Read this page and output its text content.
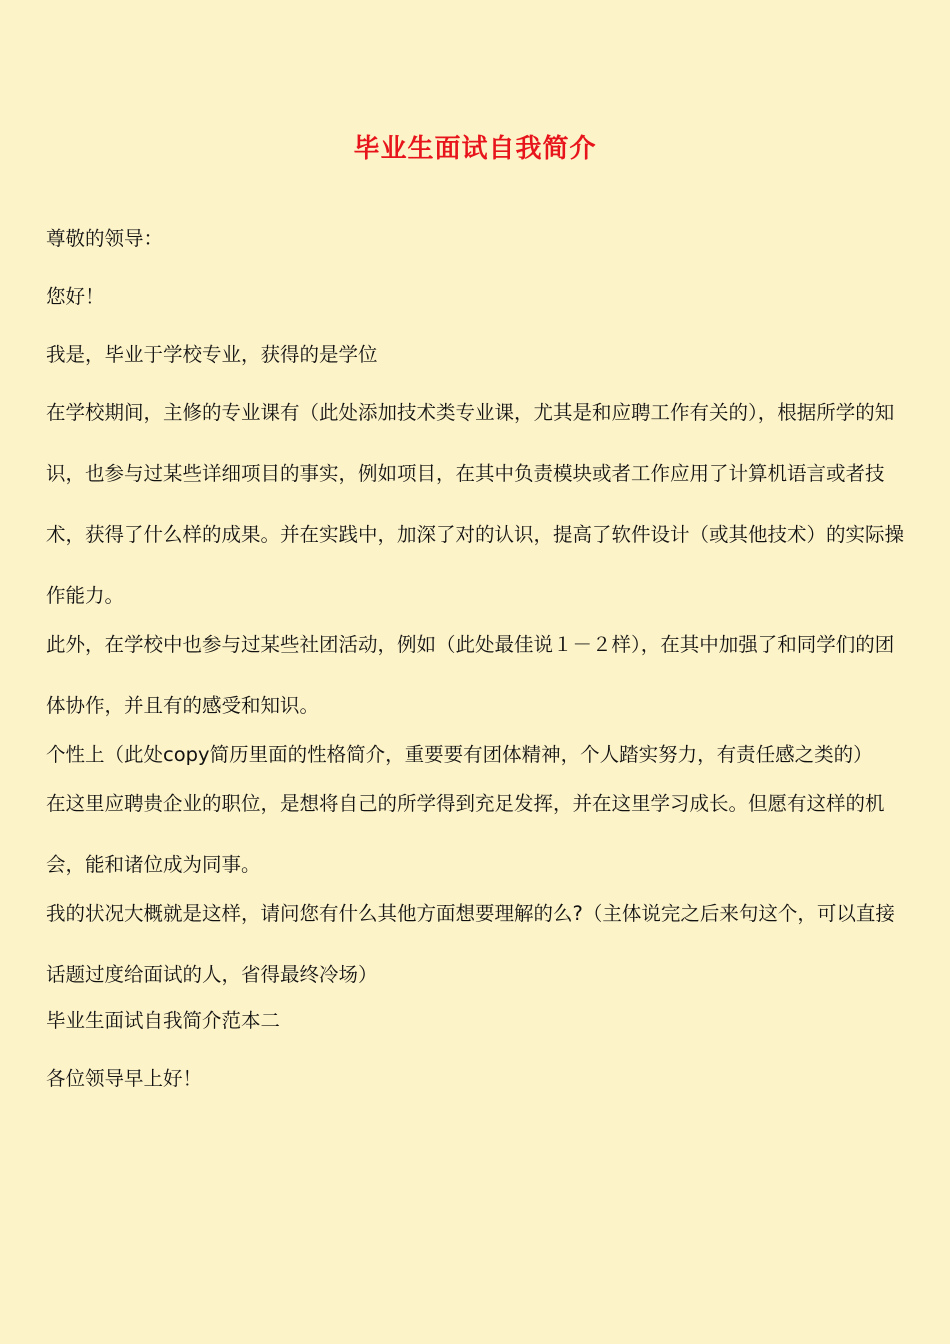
毕业生面试自我简介

尊敬的领导：

您好！

我是，毕业于学校专业，获得的是学位

在学校期间，主修的专业课有（此处添加技术类专业课，尤其是和应聘工作有关的），根据所学的知识，也参与过某些详细项目的事实，例如项目，在其中负责模块或者工作应用了计算机语言或者技术，获得了什么样的成果。并在实践中，加深了对的认识，提高了软件设计（或其他技术）的实际操作能力。

此外，在学校中也参与过某些社团活动，例如（此处最佳说１－２样），在其中加强了和同学们的团体协作，并且有的感受和知识。

个性上（此处copy简历里面的性格简介，重要要有团体精神，个人踏实努力，有责任感之类的）

在这里应聘贵企业的职位，是想将自己的所学得到充足发挥，并在这里学习成长。但愿有这样的机会，能和诸位成为同事。

我的状况大概就是这样，请问您有什么其他方面想要理解的么?（主体说完之后来句这个，可以直接话题过度给面试的人，省得最终冷场）

毕业生面试自我简介范本二

各位领导早上好！
